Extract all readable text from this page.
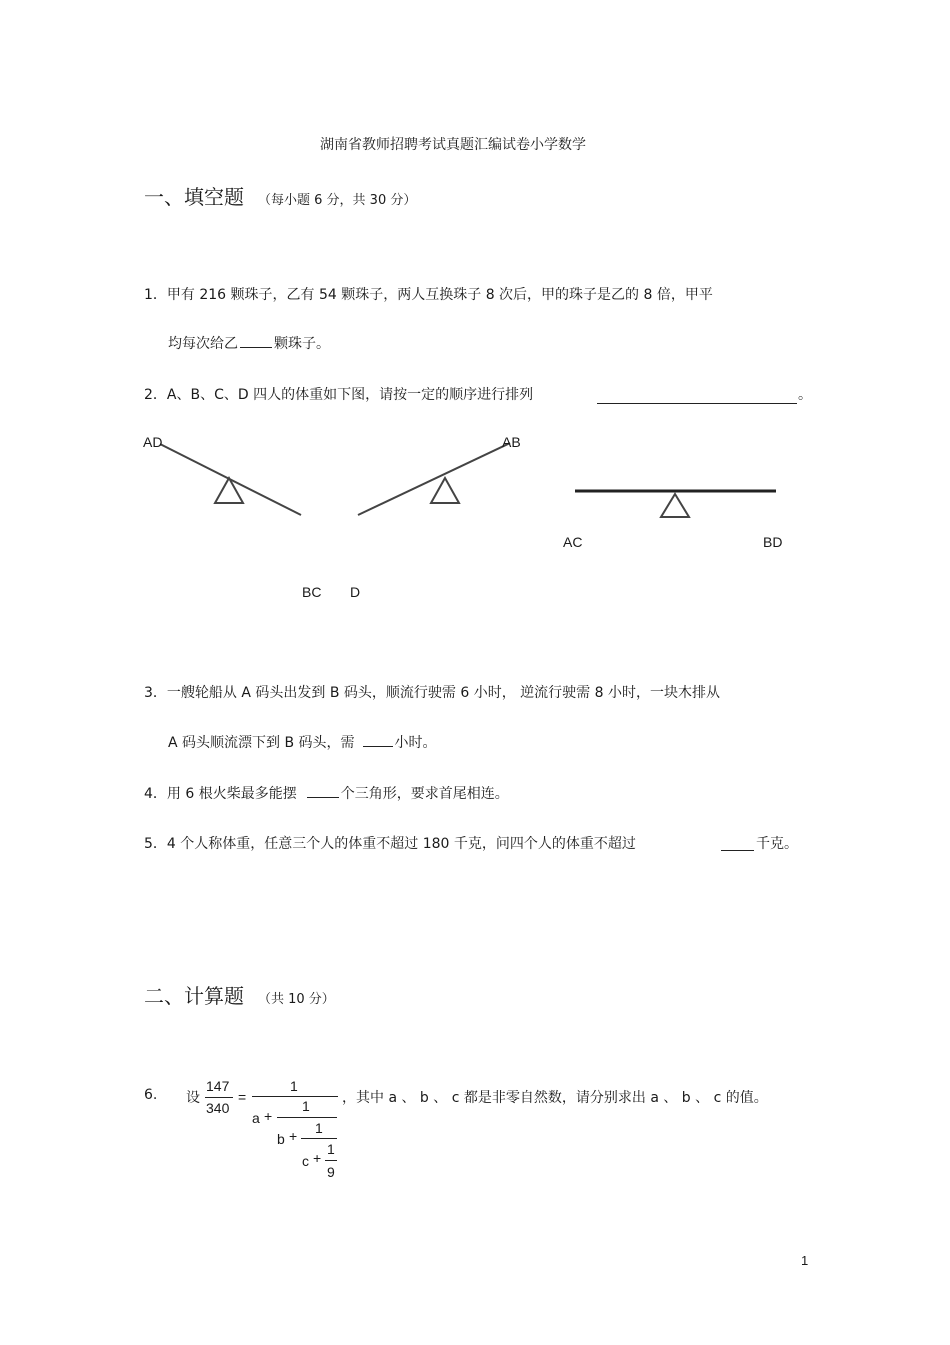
湖南省教师招聘考试真题汇编试卷小学数学
一、填空题 （每小题 6 分，共 30 分）
1．甲有 216 颗珠子，乙有 54 颗珠子，两人互换珠子 8 次后，甲的珠子是乙的 8 倍，甲平
均每次给乙	颗珠子。
2．A、B、C、D 四人的体重如下图，请按一定的顺序进行排列	。
AD
BC
AB
D
AC	BD
3．一艘轮船从 A 码头出发到 B 码头，顺流行驶需 6 小时， 逆流行驶需 8 小时，一块木排从
A 码头顺流漂下到 B 码头，需	小时。
4．用 6 根火柴最多能摆	个三角形，要求首尾相连。
5．4 个人称体重，任意三个人的体重不超过 180 千克，问四个人的体重不超过	千克。
二、计算题 （共 10 分）
6. 设
147
340
=
1
a +
1
b + 1
c +
1
9
，其中 a 、 b 、 c 都是非零自然数，请分别求出 a 、 b 、 c 的值。
1
